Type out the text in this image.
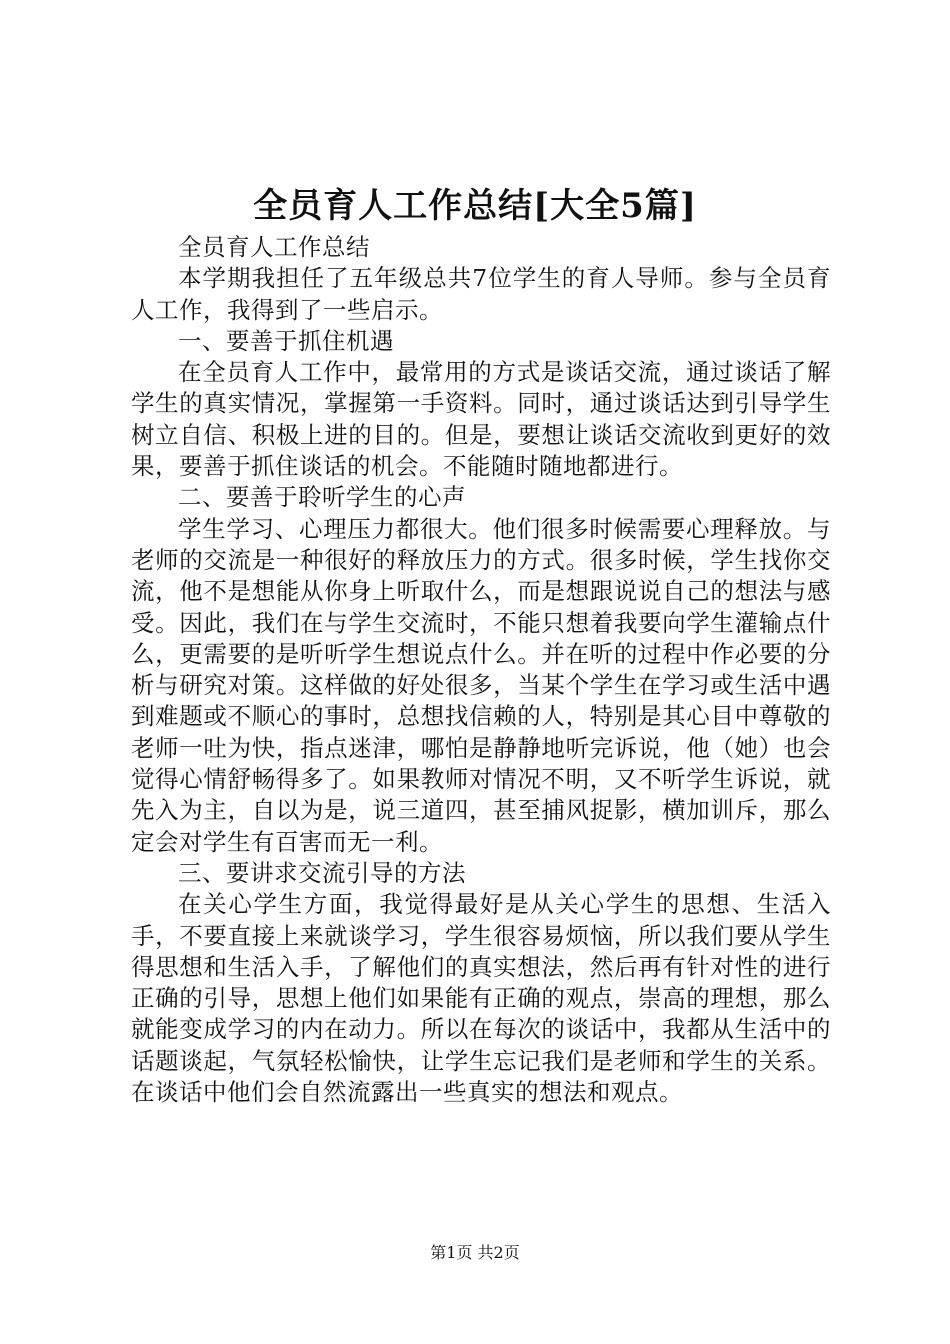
全员育人工作总结[大全5篇]

全员育人工作总结

本学期我担任了五年级总共7位学生的育人导师。参与全员育人工作，我得到了一些启示。

一、要善于抓住机遇

在全员育人工作中，最常用的方式是谈话交流，通过谈话了解学生的真实情况，掌握第一手资料。同时，通过谈话达到引导学生树立自信、积极上进的目的。但是，要想让谈话交流收到更好的效果，要善于抓住谈话的机会。不能随时随地都进行。

二、要善于聆听学生的心声

学生学习、心理压力都很大。他们很多时候需要心理释放。与老师的交流是一种很好的释放压力的方式。很多时候，学生找你交流，他不是想能从你身上听取什么，而是想跟说说自己的想法与感受。因此，我们在与学生交流时，不能只想着我要向学生灌输点什么，更需要的是听听学生想说点什么。并在听的过程中作必要的分析与研究对策。这样做的好处很多，当某个学生在学习或生活中遇到难题或不顺心的事时，总想找信赖的人，特别是其心目中尊敬的老师一吐为快，指点迷津，哪怕是静静地听完诉说，他（她）也会觉得心情舒畅得多了。如果教师对情况不明，又不听学生诉说，就先入为主，自以为是，说三道四，甚至捕风捉影，横加训斥，那么定会对学生有百害而无一利。

三、要讲求交流引导的方法

在关心学生方面，我觉得最好是从关心学生的思想、生活入手，不要直接上来就谈学习，学生很容易烦恼，所以我们要从学生得思想和生活入手，了解他们的真实想法，然后再有针对性的进行正确的引导，思想上他们如果能有正确的观点，崇高的理想，那么就能变成学习的内在动力。所以在每次的谈话中，我都从生活中的话题谈起，气氛轻松愉快，让学生忘记我们是老师和学生的关系。在谈话中他们会自然流露出一些真实的想法和观点。

第1页 共2页
